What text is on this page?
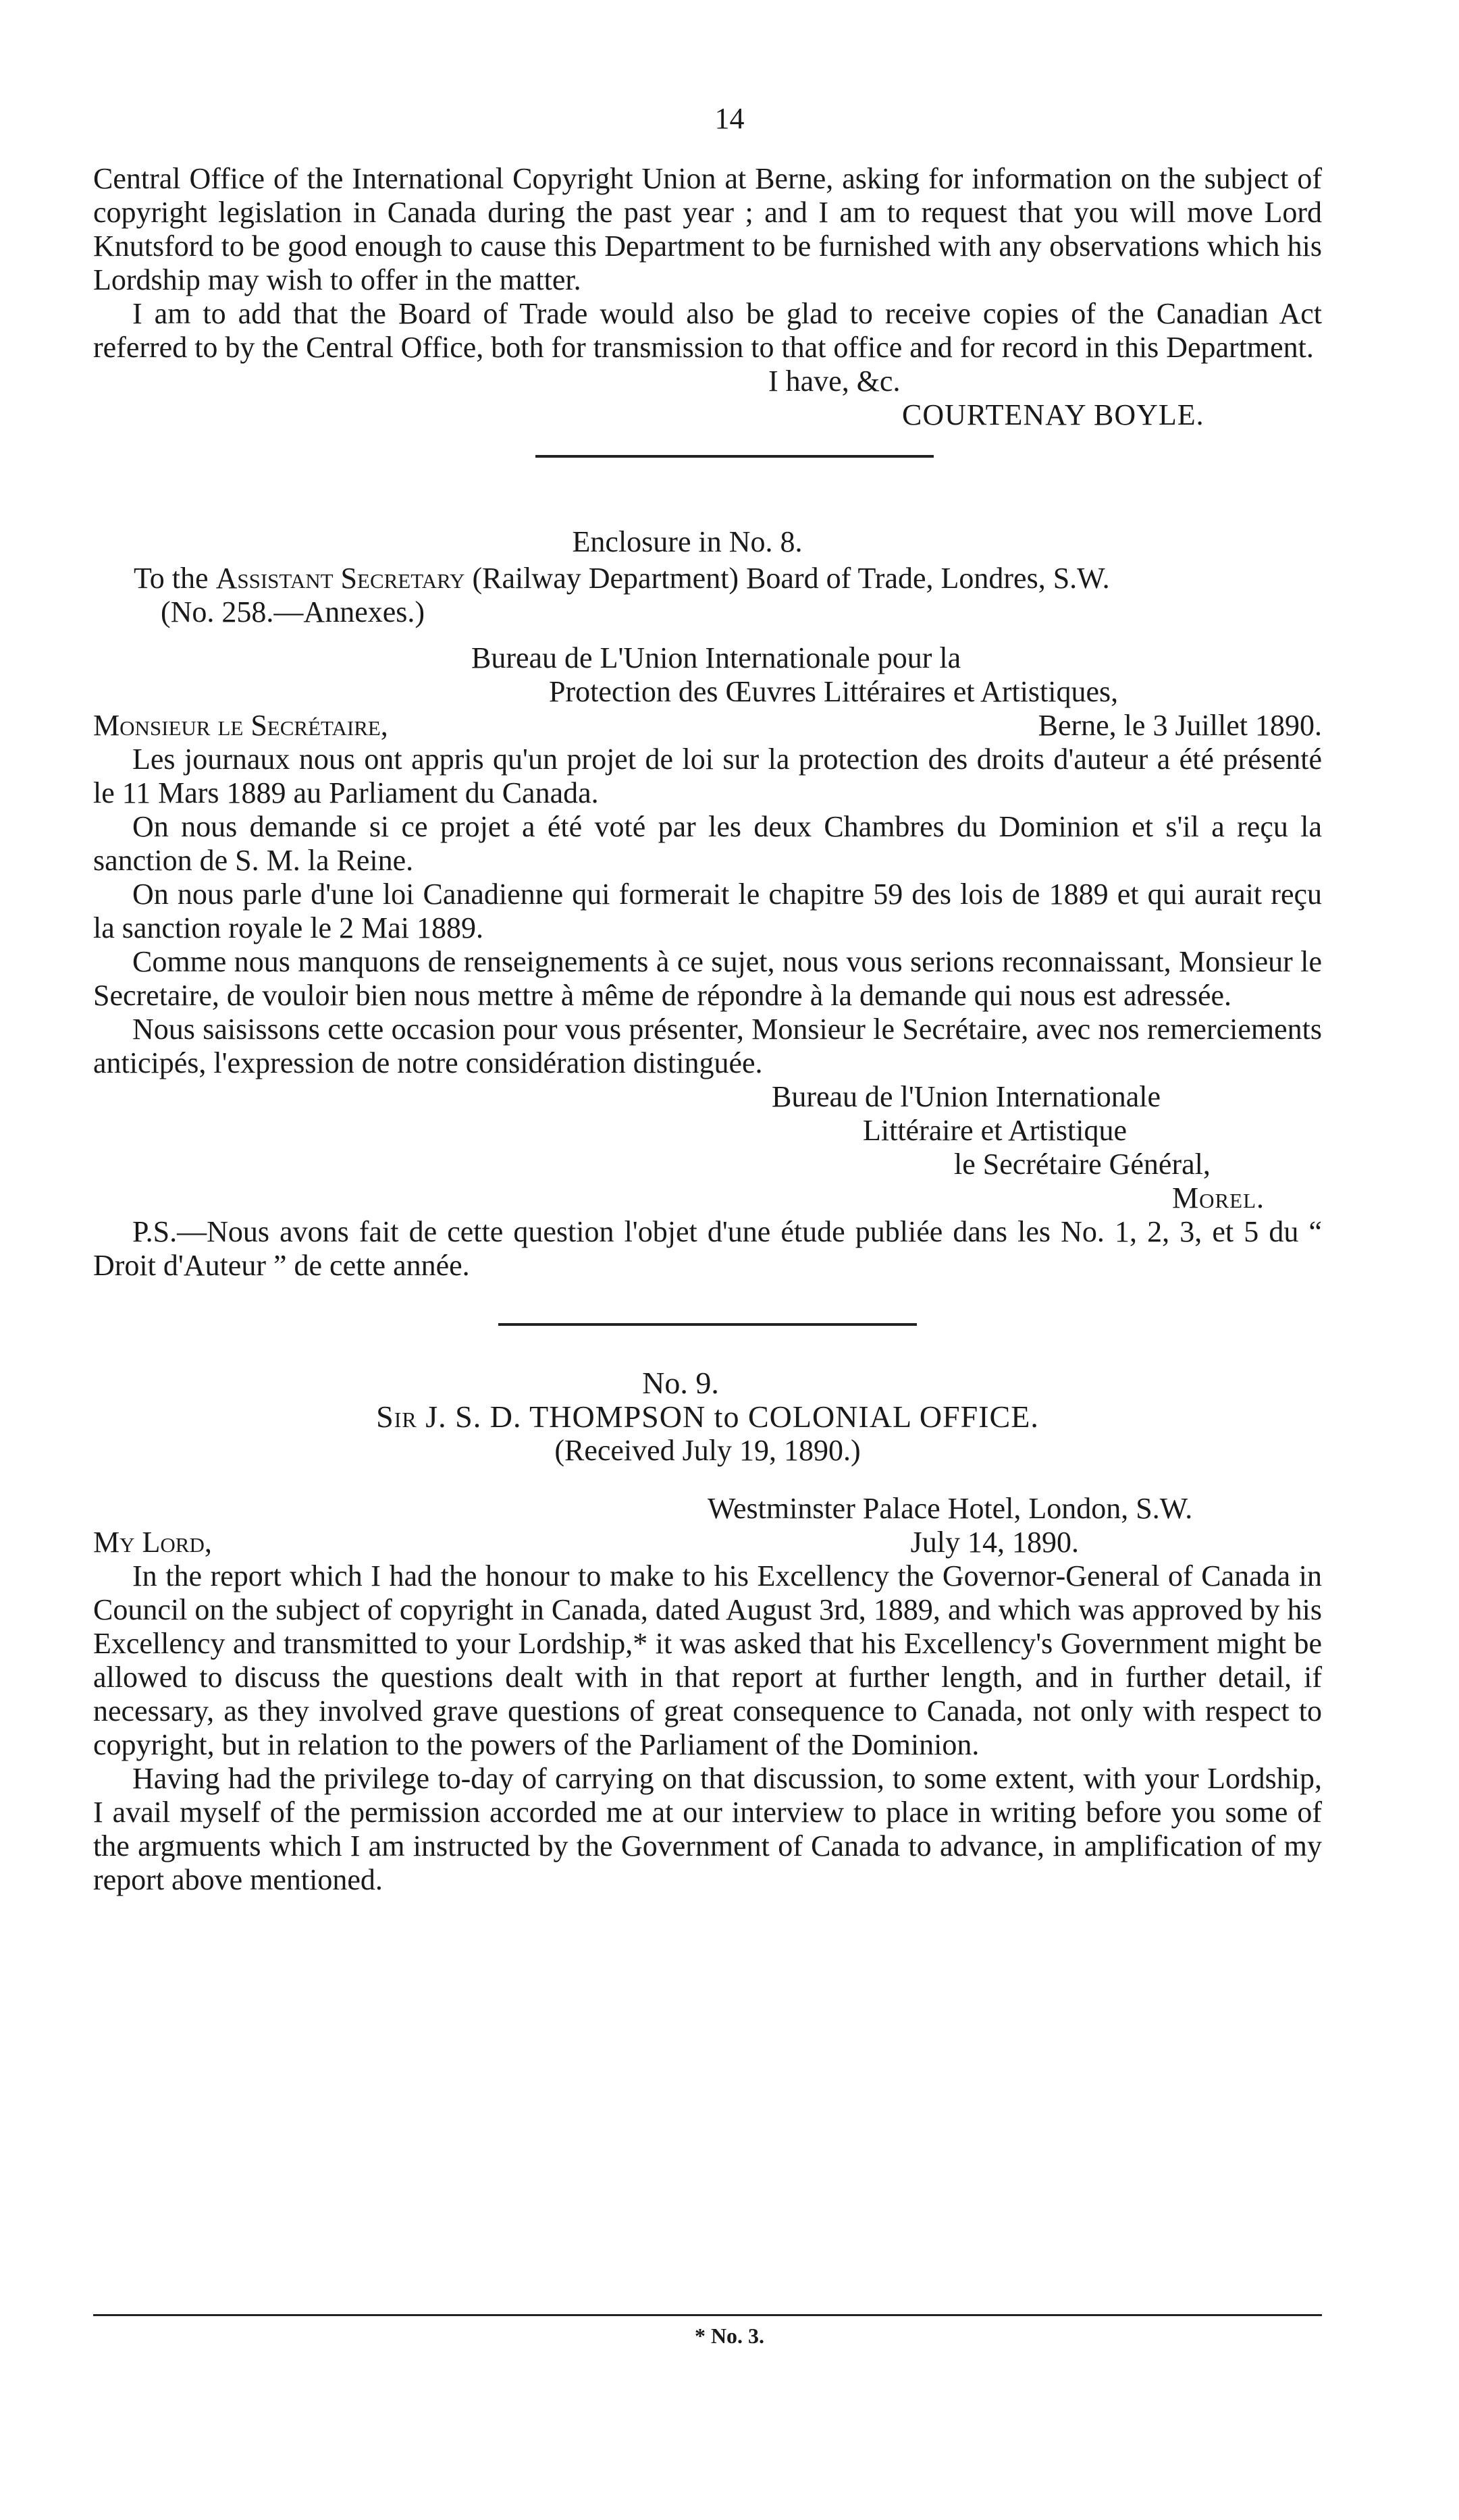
14

Central Office of the International Copyright Union at Berne, asking for information on the subject of copyright legislation in Canada during the past year ; and I am to request that you will move Lord Knutsford to be good enough to cause this Department to be furnished with any observations which his Lordship may wish to offer in the matter.

I am to add that the Board of Trade would also be glad to receive copies of the Canadian Act referred to by the Central Office, both for transmission to that office and for record in this Department.

I have, &c.

COURTENAY BOYLE.

Enclosure in No. 8.

To the Assistant Secretary (Railway Department) Board of Trade, Londres, S.W.

(No. 258.—Annexes.)

Bureau de L'Union Internationale pour la

Protection des Œuvres Littéraires et Artistiques,

Monsieur le Secrétaire,	Berne, le 3 Juillet 1890.

Les journaux nous ont appris qu'un projet de loi sur la protection des droits d'auteur a été présenté le 11 Mars 1889 au Parliament du Canada.

On nous demande si ce projet a été voté par les deux Chambres du Dominion et s'il a reçu la sanction de S. M. la Reine.

On nous parle d'une loi Canadienne qui formerait le chapitre 59 des lois de 1889 et qui aurait reçu la sanction royale le 2 Mai 1889.

Comme nous manquons de renseignements à ce sujet, nous vous serions reconnaissant, Monsieur le Secretaire, de vouloir bien nous mettre à même de répondre à la demande qui nous est adressée.

Nous saisissons cette occasion pour vous présenter, Monsieur le Secrétaire, avec nos remerciements anticipés, l'expression de notre considération distinguée.

Bureau de l'Union Internationale

Littéraire et Artistique

le Secrétaire Général,

Morel.

P.S.—Nous avons fait de cette question l'objet d'une étude publiée dans les No. 1, 2, 3, et 5 du “ Droit d'Auteur ” de cette année.

No. 9.

Sir J. S. D. THOMPSON to COLONIAL OFFICE.

(Received July 19, 1890.)

Westminster Palace Hotel, London, S.W.

My Lord,	July 14, 1890.

In the report which I had the honour to make to his Excellency the Governor-General of Canada in Council on the subject of copyright in Canada, dated August 3rd, 1889, and which was approved by his Excellency and transmitted to your Lordship,* it was asked that his Excellency's Government might be allowed to discuss the questions dealt with in that report at further length, and in further detail, if necessary, as they involved grave questions of great consequence to Canada, not only with respect to copyright, but in relation to the powers of the Parliament of the Dominion.

Having had the privilege to-day of carrying on that discussion, to some extent, with your Lordship, I avail myself of the permission accorded me at our interview to place in writing before you some of the argmuents which I am instructed by the Government of Canada to advance, in amplification of my report above mentioned.

* No. 3.
